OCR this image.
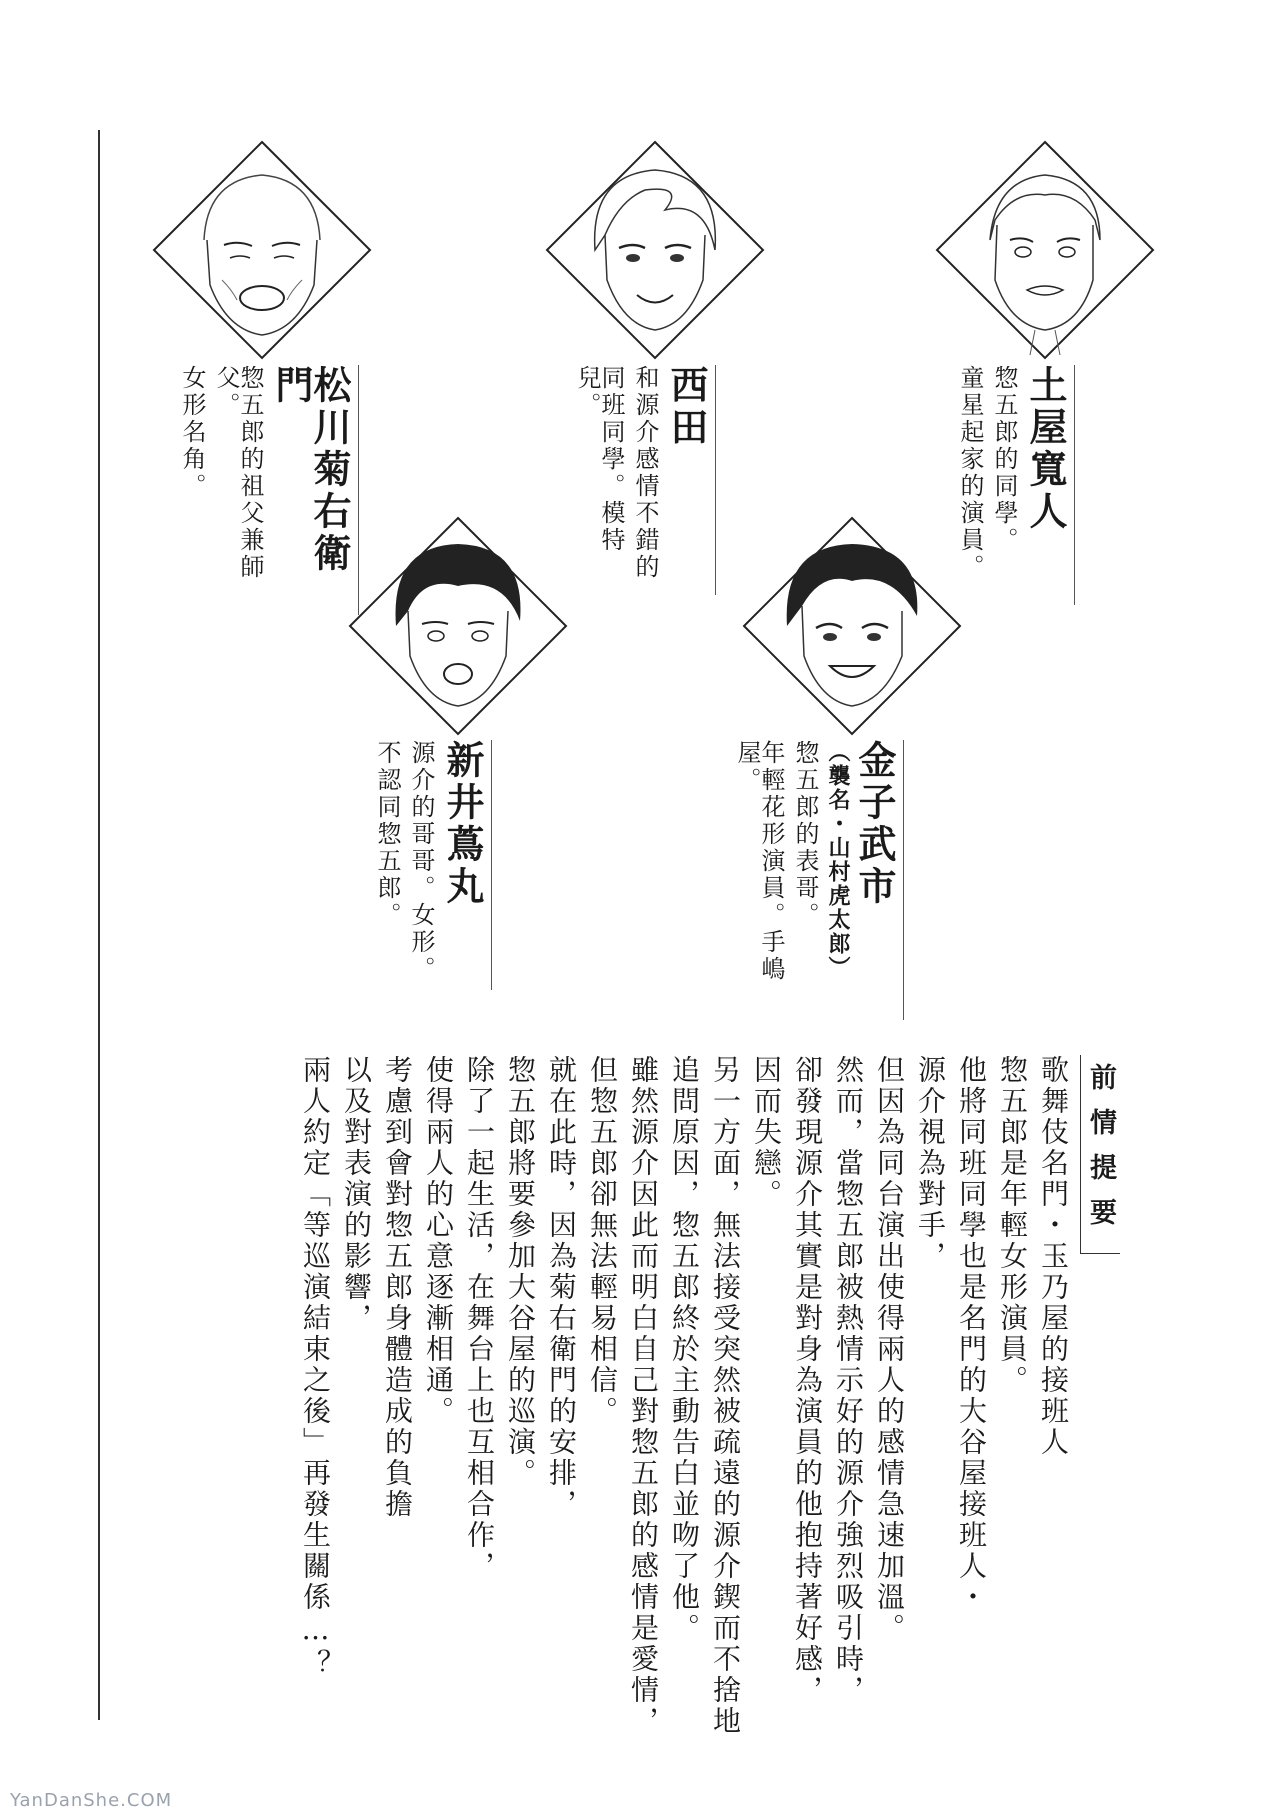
土屋寬人
惣五郎的同學。
童星起家的演員。
西田
和源介感情不錯的
同班同學。模特兒。
松川菊右衛門
惣五郎的祖父兼師父。
女形名角。
金子武市
（襲名・山村虎太郎）
惣五郎的表哥。
年輕花形演員。手嶋屋。
新井蔦丸
源介的哥哥。女形。
不認同惣五郎。
前情提要
歌舞伎名門・玉乃屋的接班人
惣五郎是年輕女形演員。
他將同班同學也是名門的大谷屋接班人・
源介視為對手，
但因為同台演出使得兩人的感情急速加溫。
然而，當惣五郎被熱情示好的源介強烈吸引時，
卻發現源介其實是對身為演員的他抱持著好感，
因而失戀。
另一方面，無法接受突然被疏遠的源介鍥而不捨地
追問原因，惣五郎終於主動告白並吻了他。
雖然源介因此而明白自己對惣五郎的感情是愛情，
但惣五郎卻無法輕易相信。
就在此時，因為菊右衛門的安排，
惣五郎將要參加大谷屋的巡演。
除了一起生活，在舞台上也互相合作，
使得兩人的心意逐漸相通。
考慮到會對惣五郎身體造成的負擔
以及對表演的影響，
兩人約定「等巡演結束之後」再發生關係…？
YanDanShe.COM
